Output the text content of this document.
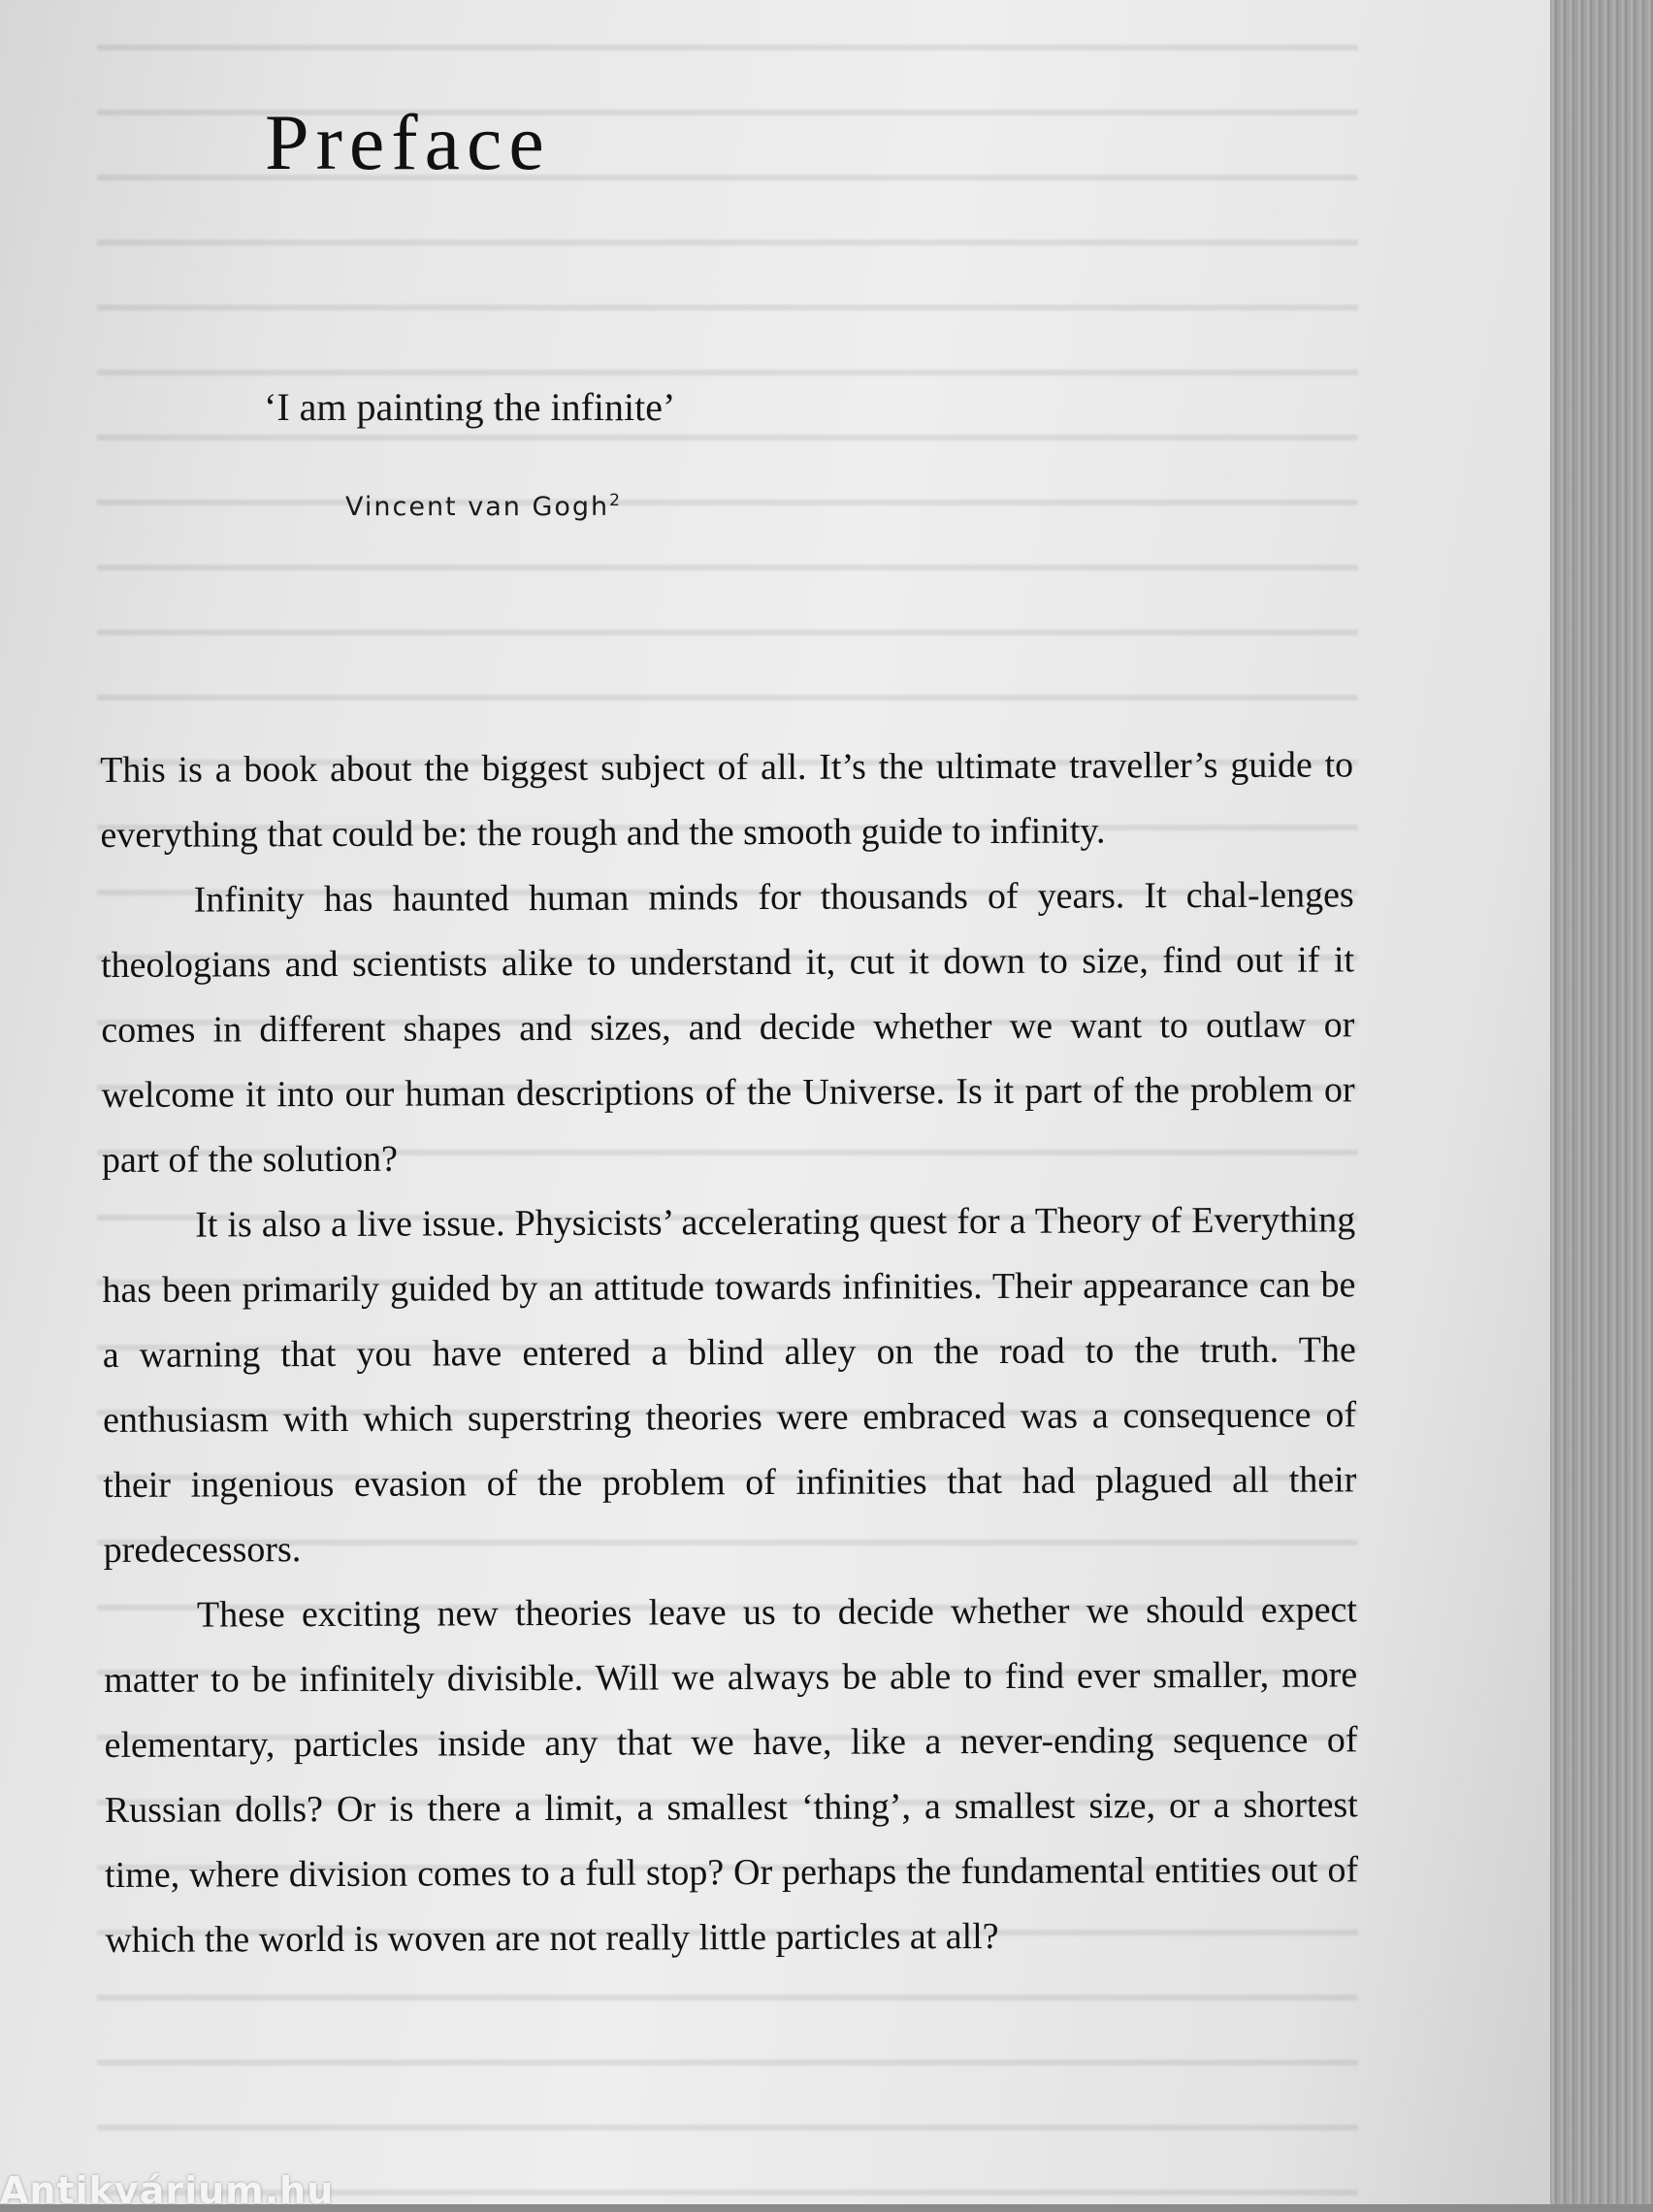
Preface
‘I am painting the infinite’
Vincent van Gogh$^2$

This is a book about the biggest subject of all. It’s the ultimate traveller’s guide to everything that could be: the rough and the smooth guide to infinity.

Infinity has haunted human minds for thousands of years. It chal-lenges theologians and scientists alike to understand it, cut it down to size, find out if it comes in different shapes and sizes, and decide whether we want to outlaw or welcome it into our human descriptions of the Universe. Is it part of the problem or part of the solution?

It is also a live issue. Physicists’ accelerating quest for a Theory of Everything has been primarily guided by an attitude towards infinities. Their appearance can be a warning that you have entered a blind alley on the road to the truth. The enthusiasm with which superstring theories were embraced was a consequence of their ingenious evasion of the problem of infinities that had plagued all their predecessors.

These exciting new theories leave us to decide whether we should expect matter to be infinitely divisible. Will we always be able to find ever smaller, more elementary, particles inside any that we have, like a never-ending sequence of Russian dolls? Or is there a limit, a smallest ‘thing’, a smallest size, or a shortest time, where division comes to a full stop? Or perhaps the fundamental entities out of which the world is woven are not really little particles at all?

Antikvárium.hu
